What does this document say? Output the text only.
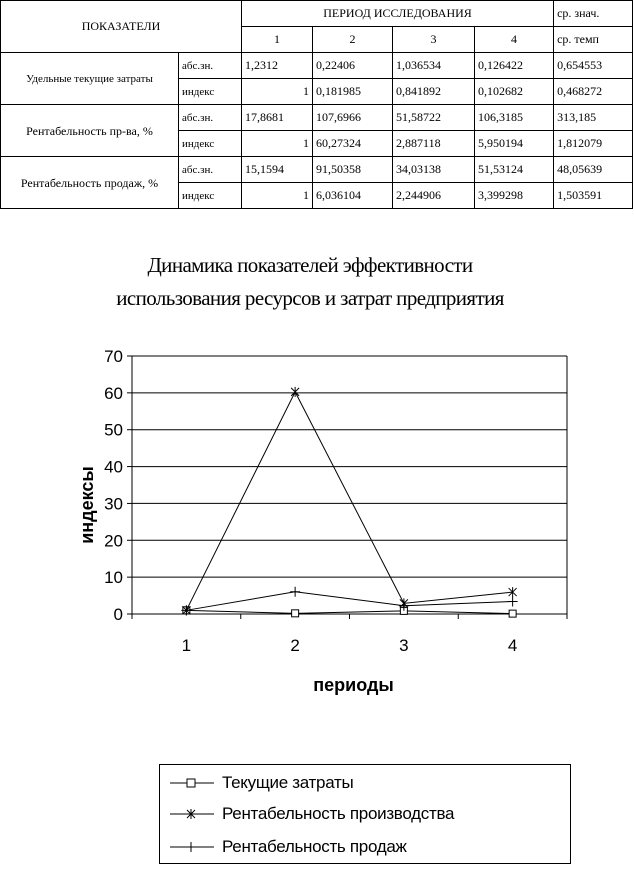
ПОКАЗАТЕЛИ		ПЕРИОД ИССЛЕДОВАНИЯ				ср. знач.
		1	2	3	4	ср. темп
Удельные текущие затраты	абс.зн.	1,2312	0,22406	1,036534	0,126422	0,654553
	индекс	1	0,181985	0,841892	0,102682	0,468272
Рентабельность пр-ва, %	абс.зн.	17,8681	107,6966	51,58722	106,3185	313,185
	индекс	1	60,27324	2,887118	5,950194	1,812079
Рентабельность продаж, %	абс.зн.	15,1594	91,50358	34,03138	51,53124	48,05639
	индекс	1	6,036104	2,244906	3,399298	1,503591
Динамика показателей эффективности
использования ресурсов и затрат предприятия
0
10
20
30
40
50
60
70
1	2	3	4
периоды
индексы
Текущие затраты
Рентабельность производства
Рентабельность продаж
